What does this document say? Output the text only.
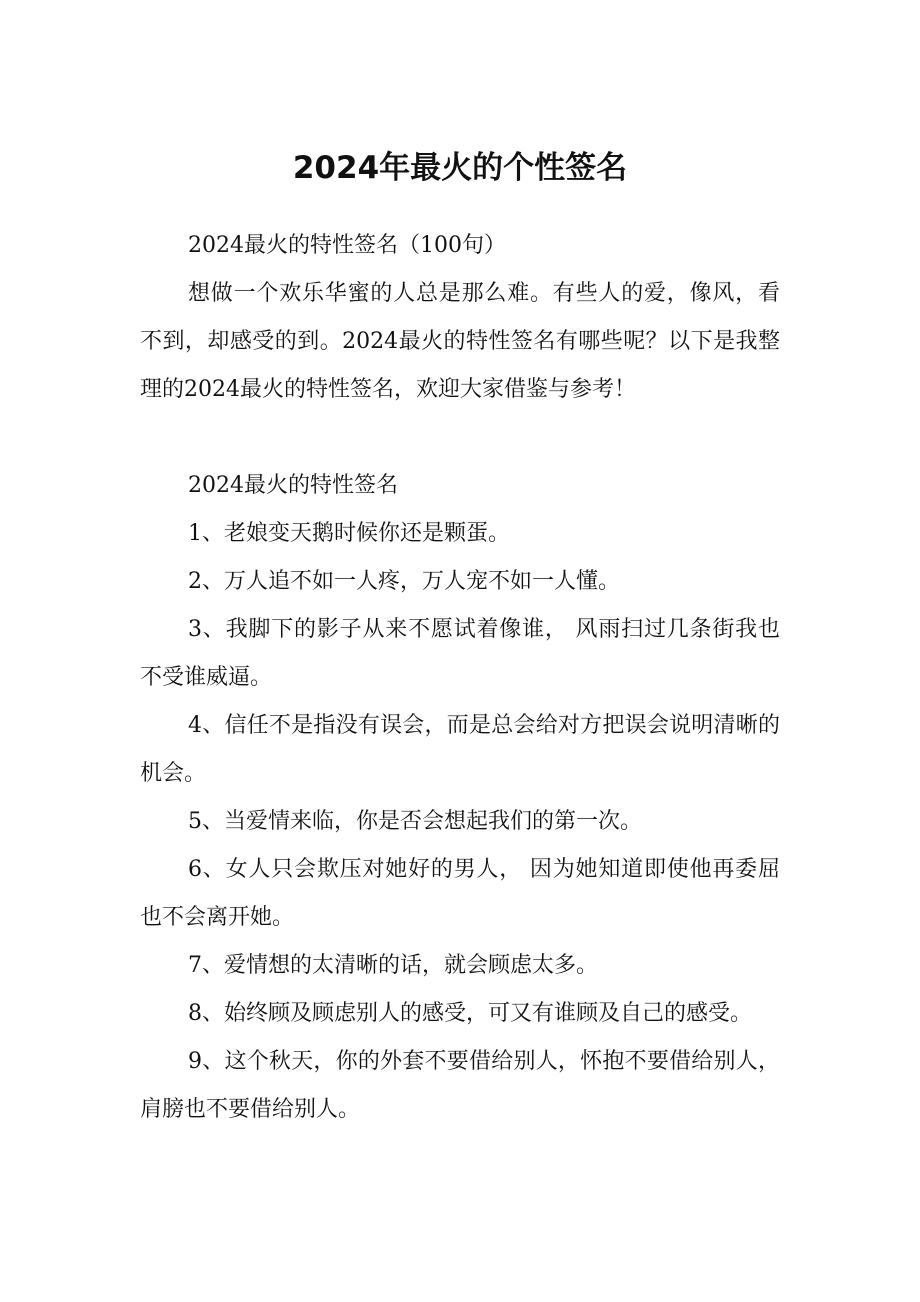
2024年最火的个性签名

2024最火的特性签名（100句）

想做一个欢乐华蜜的人总是那么难。有些人的爱，像风，看不到，却感受的到。2024最火的特性签名有哪些呢？以下是我整理的2024最火的特性签名，欢迎大家借鉴与参考！

2024最火的特性签名

1、老娘变天鹅时候你还是颗蛋。

2、万人追不如一人疼，万人宠不如一人懂。

3、我脚下的影子从来不愿试着像谁， 风雨扫过几条街我也不受谁威逼。

4、信任不是指没有误会，而是总会给对方把误会说明清晰的机会。

5、当爱情来临，你是否会想起我们的第一次。

6、女人只会欺压对她好的男人， 因为她知道即使他再委屈也不会离开她。

7、爱情想的太清晰的话，就会顾虑太多。

8、始终顾及顾虑别人的感受，可又有谁顾及自己的感受。

9、这个秋天，你的外套不要借给别人，怀抱不要借给别人，肩膀也不要借给别人。
